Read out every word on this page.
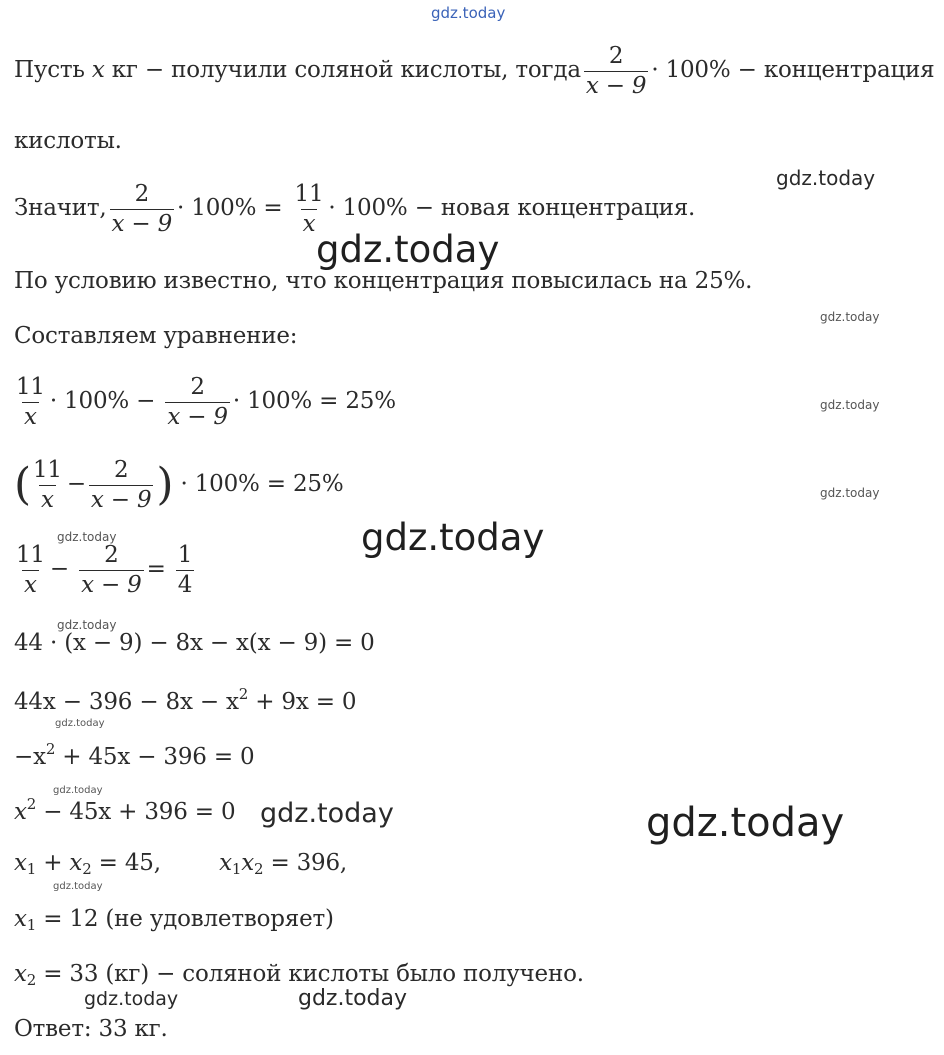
gdz.today
gdz.today
gdz.today
gdz.today
gdz.today
gdz.today
gdz.today
gdz.today
gdz.today
gdz.today
gdz.today
gdz.today	gdz.today
gdz.today
gdz.today	gdz.today
Пусть x кг − получили соляной кислоты, тогда $\frac{2}{x - 9} \cdot 100\%$ − концентрация
кислоты.
Значит, $\frac{2}{x - 9} \cdot 100\% = \frac{11}{x} \cdot 100\%$ − новая концентрация.
По условию известно, что концентрация повысилась на 25%.
Составляем уравнение:
$\frac{11}{x} \cdot 100\% - \frac{2}{x - 9} \cdot 100\% = 25\%$
( $\frac{11}{x} - \frac{2}{x - 9}$ ) · 100% = 25%
$\frac{11}{x} - \frac{2}{x - 9} = \frac{1}{4}$
44 · (x − 9) − 8x − x(x − 9) = 0
$44x - 396 - 8x - x^2 + 9x = 0$
$-x^2 + 45x - 396 = 0$
$x^2 - 45x + 396 = 0$
$x_1 + x_2 = 45$,	$x_1x_2 = 396$,
$x_1 = 12$ (не удовлетворяет)
$x_2 = 33$ (кг) − соляной кислоты было получено.
Ответ: 33 кг.
